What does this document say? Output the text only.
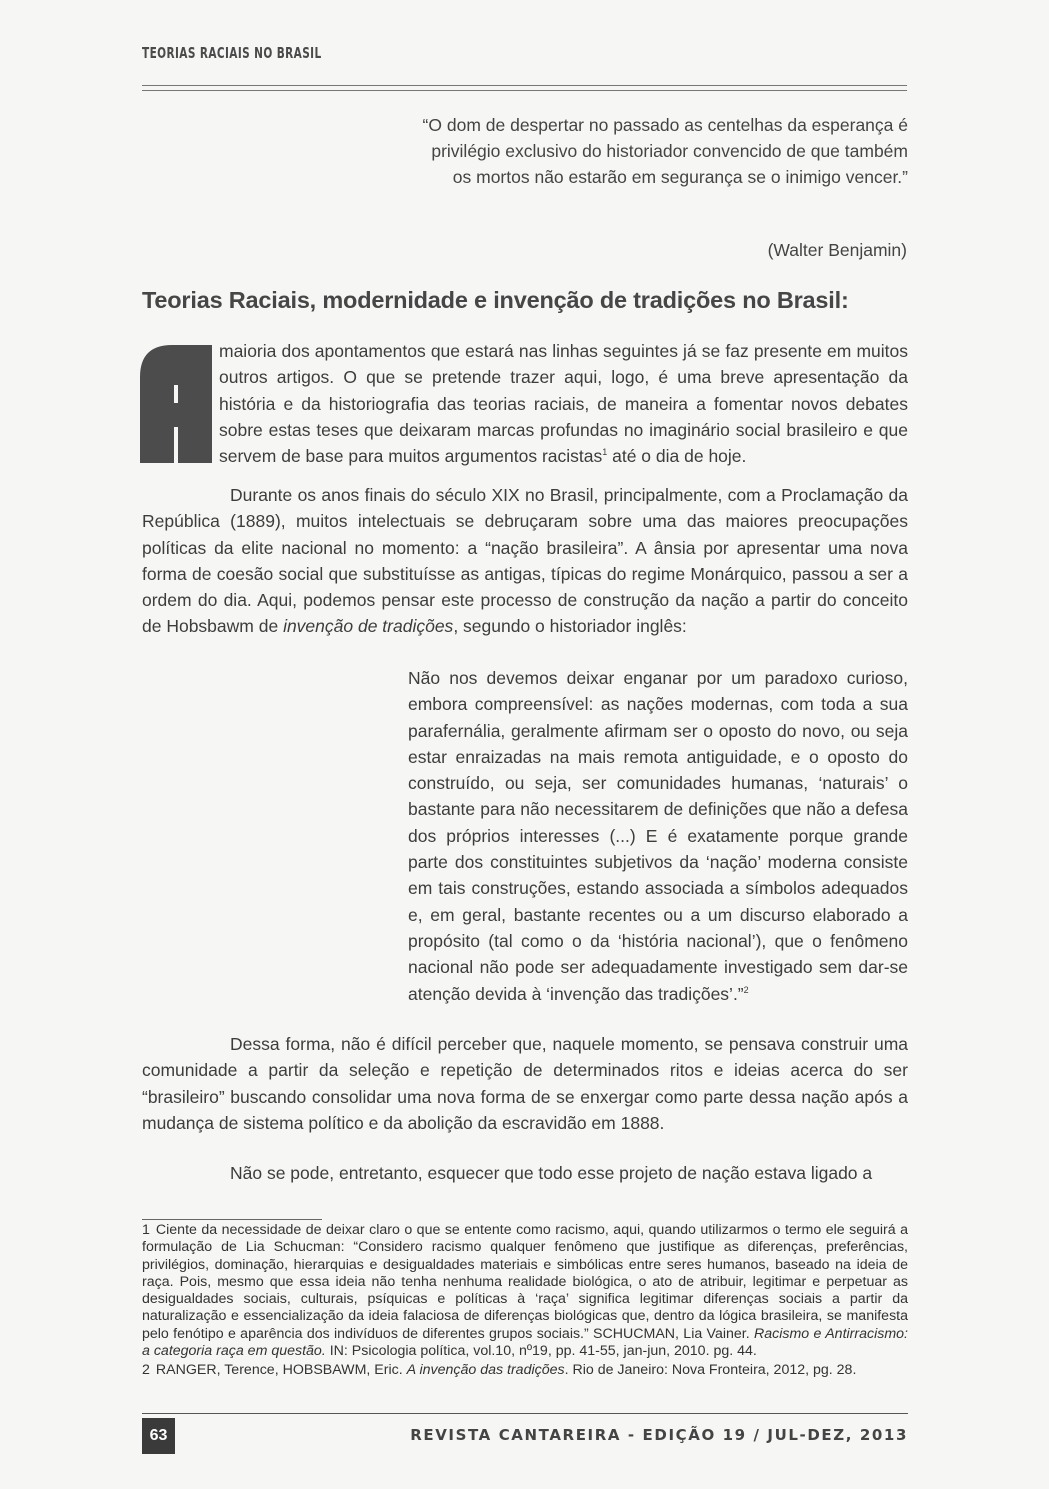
TEORIAS RACIAIS NO BRASIL
“O dom de despertar no passado as centelhas da esperança é privilégio exclusivo do historiador convencido de que também os mortos não estarão em segurança se o inimigo vencer.”
(Walter Benjamin)
Teorias Raciais, modernidade e invenção de tradições no Brasil:
maioria dos apontamentos que estará nas linhas seguintes já se faz presente em muitos outros artigos. O que se pretende trazer aqui, logo, é uma breve apresentação da história e da historiografia das teorias raciais, de maneira a fomentar novos debates sobre estas teses que deixaram marcas profundas no imaginário social brasileiro e que servem de base para muitos argumentos racistas$^1$ até o dia de hoje.
Durante os anos finais do século XIX no Brasil, principalmente, com a Proclamação da República (1889), muitos intelectuais se debruçaram sobre uma das maiores preocupações políticas da elite nacional no momento: a “nação brasileira”. A ânsia por apresentar uma nova forma de coesão social que substituísse as antigas, típicas do regime Monárquico, passou a ser a ordem do dia. Aqui, podemos pensar este processo de construção da nação a partir do conceito de Hobsbawm de invenção de tradições, segundo o historiador inglês:
Não nos devemos deixar enganar por um paradoxo curioso, embora compreensível: as nações modernas, com toda a sua parafernália, geralmente afirmam ser o oposto do novo, ou seja estar enraizadas na mais remota antiguidade, e o oposto do construído, ou seja, ser comunidades humanas, ‘naturais’ o bastante para não necessitarem de definições que não a defesa dos próprios interesses (...) E é exatamente porque grande parte dos constituintes subjetivos da ‘nação’ moderna consiste em tais construções, estando associada a símbolos adequados e, em geral, bastante recentes ou a um discurso elaborado a propósito (tal como o da ‘história nacional’), que o fenômeno nacional não pode ser adequadamente investigado sem dar-se atenção devida à ‘invenção das tradições’.”$^2$
Dessa forma, não é difícil perceber que, naquele momento, se pensava construir uma comunidade a partir da seleção e repetição de determinados ritos e ideias acerca do ser “brasileiro” buscando consolidar uma nova forma de se enxergar como parte dessa nação após a mudança de sistema político e da abolição da escravidão em 1888.
Não se pode, entretanto, esquecer que todo esse projeto de nação estava ligado a

1 Ciente da necessidade de deixar claro o que se entente como racismo, aqui, quando utilizarmos o termo ele seguirá a formulação de Lia Schucman: “Considero racismo qualquer fenômeno que justifique as diferenças, preferências, privilégios, dominação, hierarquias e desigualdades materiais e simbólicas entre seres humanos, baseado na ideia de raça. Pois, mesmo que essa ideia não tenha nenhuma realidade biológica, o ato de atribuir, legitimar e perpetuar as desigualdades sociais, culturais, psíquicas e políticas à ‘raça’ significa legitimar diferenças sociais a partir da naturalização e essencialização da ideia falaciosa de diferenças biológicas que, dentro da lógica brasileira, se manifesta pelo fenótipo e aparência dos indivíduos de diferentes grupos sociais.” SCHUCMAN, Lia Vainer. Racismo e Antirracismo: a categoria raça em questão. IN: Psicologia política, vol.10, nº19, pp. 41-55, jan-jun, 2010. pg. 44.

2 RANGER, Terence, HOBSBAWM, Eric. A invenção das tradições. Rio de Janeiro: Nova Fronteira, 2012, pg. 28.

63	REVISTA CANTAREIRA - EDIÇÃO 19 / JUL-DEZ, 2013
